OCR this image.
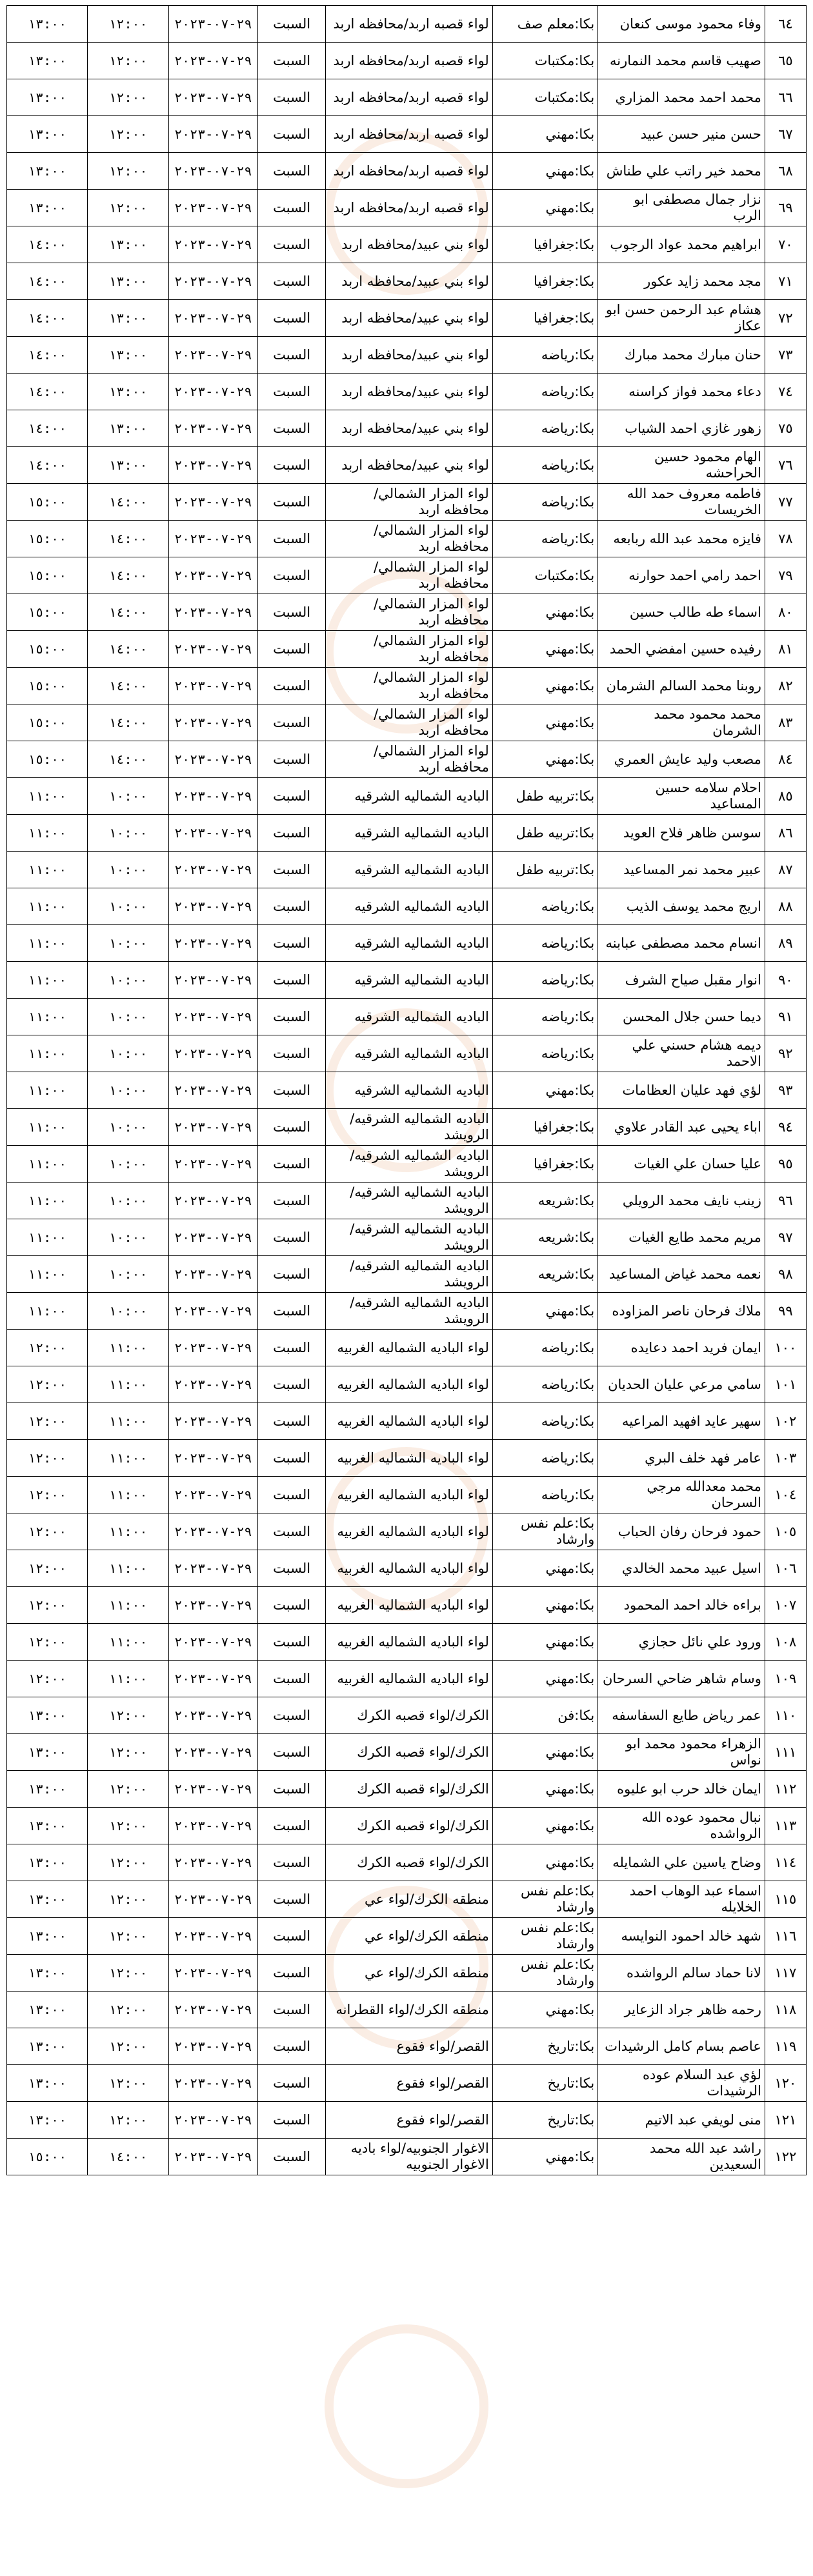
٦٤	وفاء محمود موسى كنعان	بكا:معلم صف	لواء قصبه اربد/محافظه اربد	السبت	٢٩-٠٧-٢٠٢٣	١٢:٠٠	١٣:٠٠
٦٥	صهيب قاسم محمد النمارنه	بكا:مكتبات	لواء قصبه اربد/محافظه اربد	السبت	٢٩-٠٧-٢٠٢٣	١٢:٠٠	١٣:٠٠
٦٦	محمد احمد محمد المزاري	بكا:مكتبات	لواء قصبه اربد/محافظه اربد	السبت	٢٩-٠٧-٢٠٢٣	١٢:٠٠	١٣:٠٠
٦٧	حسن منير حسن عبيد	بكا:مهني	لواء قصبه اربد/محافظه اربد	السبت	٢٩-٠٧-٢٠٢٣	١٢:٠٠	١٣:٠٠
٦٨	محمد خير راتب علي طناش	بكا:مهني	لواء قصبه اربد/محافظه اربد	السبت	٢٩-٠٧-٢٠٢٣	١٢:٠٠	١٣:٠٠
٦٩	نزار جمال مصطفى ابو الرب	بكا:مهني	لواء قصبه اربد/محافظه اربد	السبت	٢٩-٠٧-٢٠٢٣	١٢:٠٠	١٣:٠٠
٧٠	ابراهيم محمد عواد الرجوب	بكا:جغرافيا	لواء بني عبيد/محافظه اربد	السبت	٢٩-٠٧-٢٠٢٣	١٣:٠٠	١٤:٠٠
٧١	مجد محمد زايد عكور	بكا:جغرافيا	لواء بني عبيد/محافظه اربد	السبت	٢٩-٠٧-٢٠٢٣	١٣:٠٠	١٤:٠٠
٧٢	هشام عبد الرحمن حسن ابو عكاز	بكا:جغرافيا	لواء بني عبيد/محافظه اربد	السبت	٢٩-٠٧-٢٠٢٣	١٣:٠٠	١٤:٠٠
٧٣	حنان مبارك محمد مبارك	بكا:رياضه	لواء بني عبيد/محافظه اربد	السبت	٢٩-٠٧-٢٠٢٣	١٣:٠٠	١٤:٠٠
٧٤	دعاء محمد فواز كراسنه	بكا:رياضه	لواء بني عبيد/محافظه اربد	السبت	٢٩-٠٧-٢٠٢٣	١٣:٠٠	١٤:٠٠
٧٥	زهور غازي احمد الشياب	بكا:رياضه	لواء بني عبيد/محافظه اربد	السبت	٢٩-٠٧-٢٠٢٣	١٣:٠٠	١٤:٠٠
٧٦	الهام محمود حسين الحراحشه	بكا:رياضه	لواء بني عبيد/محافظه اربد	السبت	٢٩-٠٧-٢٠٢٣	١٣:٠٠	١٤:٠٠
٧٧	فاطمه معروف حمد الله الخريسات	بكا:رياضه	لواء المزار الشمالي/محافظه اربد	السبت	٢٩-٠٧-٢٠٢٣	١٤:٠٠	١٥:٠٠
٧٨	فايزه محمد عبد الله ربابعه	بكا:رياضه	لواء المزار الشمالي/محافظه اربد	السبت	٢٩-٠٧-٢٠٢٣	١٤:٠٠	١٥:٠٠
٧٩	احمد رامي احمد حوارنه	بكا:مكتبات	لواء المزار الشمالي/محافظه اربد	السبت	٢٩-٠٧-٢٠٢٣	١٤:٠٠	١٥:٠٠
٨٠	اسماء طه طالب حسين	بكا:مهني	لواء المزار الشمالي/محافظه اربد	السبت	٢٩-٠٧-٢٠٢٣	١٤:٠٠	١٥:٠٠
٨١	رفيده حسين امفضي الحمد	بكا:مهني	لواء المزار الشمالي/محافظه اربد	السبت	٢٩-٠٧-٢٠٢٣	١٤:٠٠	١٥:٠٠
٨٢	روبنا محمد السالم الشرمان	بكا:مهني	لواء المزار الشمالي/محافظه اربد	السبت	٢٩-٠٧-٢٠٢٣	١٤:٠٠	١٥:٠٠
٨٣	محمد محمود محمد الشرمان	بكا:مهني	لواء المزار الشمالي/محافظه اربد	السبت	٢٩-٠٧-٢٠٢٣	١٤:٠٠	١٥:٠٠
٨٤	مصعب وليد عايش العمري	بكا:مهني	لواء المزار الشمالي/محافظه اربد	السبت	٢٩-٠٧-٢٠٢٣	١٤:٠٠	١٥:٠٠
٨٥	احلام سلامه حسين المساعيد	بكا:تربيه طفل	الباديه الشماليه الشرقيه	السبت	٢٩-٠٧-٢٠٢٣	١٠:٠٠	١١:٠٠
٨٦	سوسن ظاهر فلاح العويد	بكا:تربيه طفل	الباديه الشماليه الشرقيه	السبت	٢٩-٠٧-٢٠٢٣	١٠:٠٠	١١:٠٠
٨٧	عبير محمد نمر المساعيد	بكا:تربيه طفل	الباديه الشماليه الشرقيه	السبت	٢٩-٠٧-٢٠٢٣	١٠:٠٠	١١:٠٠
٨٨	اريج محمد يوسف الذيب	بكا:رياضه	الباديه الشماليه الشرقيه	السبت	٢٩-٠٧-٢٠٢٣	١٠:٠٠	١١:٠٠
٨٩	انسام محمد مصطفى عبابنه	بكا:رياضه	الباديه الشماليه الشرقيه	السبت	٢٩-٠٧-٢٠٢٣	١٠:٠٠	١١:٠٠
٩٠	انوار مقبل صياح الشرف	بكا:رياضه	الباديه الشماليه الشرقيه	السبت	٢٩-٠٧-٢٠٢٣	١٠:٠٠	١١:٠٠
٩١	ديما حسن جلال المحسن	بكا:رياضه	الباديه الشماليه الشرقيه	السبت	٢٩-٠٧-٢٠٢٣	١٠:٠٠	١١:٠٠
٩٢	ديمه هشام حسني علي الاحمد	بكا:رياضه	الباديه الشماليه الشرقيه	السبت	٢٩-٠٧-٢٠٢٣	١٠:٠٠	١١:٠٠
٩٣	لؤي فهد عليان العظامات	بكا:مهني	الباديه الشماليه الشرقيه	السبت	٢٩-٠٧-٢٠٢٣	١٠:٠٠	١١:٠٠
٩٤	اباء يحيى عبد القادر علاوي	بكا:جغرافيا	الباديه الشماليه الشرقيه/ الرويشد	السبت	٢٩-٠٧-٢٠٢٣	١٠:٠٠	١١:٠٠
٩٥	عليا حسان علي الغيات	بكا:جغرافيا	الباديه الشماليه الشرقيه/ الرويشد	السبت	٢٩-٠٧-٢٠٢٣	١٠:٠٠	١١:٠٠
٩٦	زينب نايف محمد الرويلي	بكا:شريعه	الباديه الشماليه الشرقيه/ الرويشد	السبت	٢٩-٠٧-٢٠٢٣	١٠:٠٠	١١:٠٠
٩٧	مريم محمد طايع الغيات	بكا:شريعه	الباديه الشماليه الشرقيه/ الرويشد	السبت	٢٩-٠٧-٢٠٢٣	١٠:٠٠	١١:٠٠
٩٨	نعمه محمد غياض المساعيد	بكا:شريعه	الباديه الشماليه الشرقيه/ الرويشد	السبت	٢٩-٠٧-٢٠٢٣	١٠:٠٠	١١:٠٠
٩٩	ملاك فرحان ناصر المزاوده	بكا:مهني	الباديه الشماليه الشرقيه/ الرويشد	السبت	٢٩-٠٧-٢٠٢٣	١٠:٠٠	١١:٠٠
١٠٠	ايمان فريد احمد دعايده	بكا:رياضه	لواء الباديه الشماليه الغربيه	السبت	٢٩-٠٧-٢٠٢٣	١١:٠٠	١٢:٠٠
١٠١	سامي مرعي عليان الحديان	بكا:رياضه	لواء الباديه الشماليه الغربيه	السبت	٢٩-٠٧-٢٠٢٣	١١:٠٠	١٢:٠٠
١٠٢	سهير عايد افهيد المراعيه	بكا:رياضه	لواء الباديه الشماليه الغربيه	السبت	٢٩-٠٧-٢٠٢٣	١١:٠٠	١٢:٠٠
١٠٣	عامر فهد خلف البري	بكا:رياضه	لواء الباديه الشماليه الغربيه	السبت	٢٩-٠٧-٢٠٢٣	١١:٠٠	١٢:٠٠
١٠٤	محمد معدالله مرجي السرحان	بكا:رياضه	لواء الباديه الشماليه الغربيه	السبت	٢٩-٠٧-٢٠٢٣	١١:٠٠	١٢:٠٠
١٠٥	حمود فرحان رفان الحباب	بكا:علم نفس وارشاد	لواء الباديه الشماليه الغربيه	السبت	٢٩-٠٧-٢٠٢٣	١١:٠٠	١٢:٠٠
١٠٦	اسيل عبيد محمد الخالدي	بكا:مهني	لواء الباديه الشماليه الغربيه	السبت	٢٩-٠٧-٢٠٢٣	١١:٠٠	١٢:٠٠
١٠٧	براءه خالد احمد المحمود	بكا:مهني	لواء الباديه الشماليه الغربيه	السبت	٢٩-٠٧-٢٠٢٣	١١:٠٠	١٢:٠٠
١٠٨	ورود علي نائل حجازي	بكا:مهني	لواء الباديه الشماليه الغربيه	السبت	٢٩-٠٧-٢٠٢٣	١١:٠٠	١٢:٠٠
١٠٩	وسام شاهر ضاحي السرحان	بكا:مهني	لواء الباديه الشماليه الغربيه	السبت	٢٩-٠٧-٢٠٢٣	١١:٠٠	١٢:٠٠
١١٠	عمر رياض طايع السفاسفه	بكا:فن	الكرك/لواء قصبه الكرك	السبت	٢٩-٠٧-٢٠٢٣	١٢:٠٠	١٣:٠٠
١١١	الزهراء محمود محمد ابو نواس	بكا:مهني	الكرك/لواء قصبه الكرك	السبت	٢٩-٠٧-٢٠٢٣	١٢:٠٠	١٣:٠٠
١١٢	ايمان خالد حرب ابو عليوه	بكا:مهني	الكرك/لواء قصبه الكرك	السبت	٢٩-٠٧-٢٠٢٣	١٢:٠٠	١٣:٠٠
١١٣	نبال محمود عوده الله الرواشده	بكا:مهني	الكرك/لواء قصبه الكرك	السبت	٢٩-٠٧-٢٠٢٣	١٢:٠٠	١٣:٠٠
١١٤	وضاح ياسين علي الشمايله	بكا:مهني	الكرك/لواء قصبه الكرك	السبت	٢٩-٠٧-٢٠٢٣	١٢:٠٠	١٣:٠٠
١١٥	اسماء عبد الوهاب احمد الخلايله	بكا:علم نفس وارشاد	منطقه الكرك/لواء عي	السبت	٢٩-٠٧-٢٠٢٣	١٢:٠٠	١٣:٠٠
١١٦	شهد خالد احمود النوايسه	بكا:علم نفس وارشاد	منطقه الكرك/لواء عي	السبت	٢٩-٠٧-٢٠٢٣	١٢:٠٠	١٣:٠٠
١١٧	لانا حماد سالم الرواشده	بكا:علم نفس وارشاد	منطقه الكرك/لواء عي	السبت	٢٩-٠٧-٢٠٢٣	١٢:٠٠	١٣:٠٠
١١٨	رحمه ظاهر جراد الزعاير	بكا:مهني	منطقه الكرك/لواء القطرانه	السبت	٢٩-٠٧-٢٠٢٣	١٢:٠٠	١٣:٠٠
١١٩	عاصم بسام كامل الرشيدات	بكا:تاريخ	القصر/لواء فقوع	السبت	٢٩-٠٧-٢٠٢٣	١٢:٠٠	١٣:٠٠
١٢٠	لؤي عبد السلام عوده الرشيدات	بكا:تاريخ	القصر/لواء فقوع	السبت	٢٩-٠٧-٢٠٢٣	١٢:٠٠	١٣:٠٠
١٢١	منى لويفي عبد الاتيم	بكا:تاريخ	القصر/لواء فقوع	السبت	٢٩-٠٧-٢٠٢٣	١٢:٠٠	١٣:٠٠
١٢٢	راشد عبد الله محمد السعيدين	بكا:مهني	الاغوار الجنوبيه/لواء باديه الاغوار الجنوبيه	السبت	٢٩-٠٧-٢٠٢٣	١٤:٠٠	١٥:٠٠
